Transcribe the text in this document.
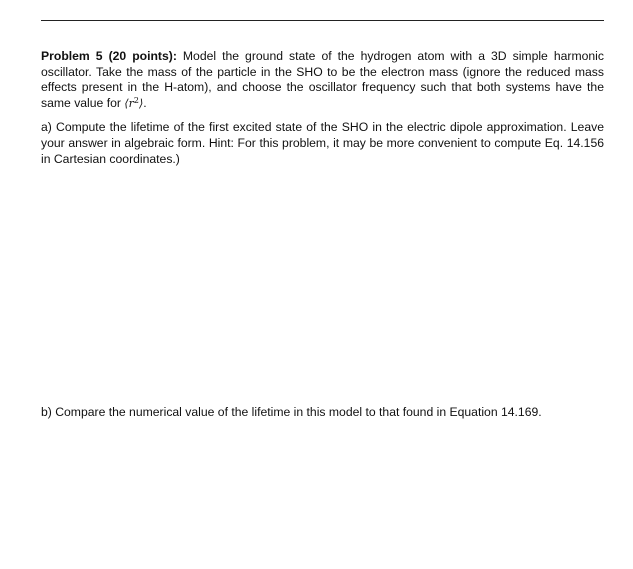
Problem 5 (20 points): Model the ground state of the hydrogen atom with a 3D simple harmonic oscillator. Take the mass of the particle in the SHO to be the electron mass (ignore the reduced mass effects present in the H-atom), and choose the oscillator frequency such that both systems have the same value for $⟨r^2⟩$.

a) Compute the lifetime of the first excited state of the SHO in the electric dipole approximation. Leave your answer in algebraic form. Hint: For this problem, it may be more convenient to compute Eq. 14.156 in Cartesian coordinates.)

b) Compare the numerical value of the lifetime in this model to that found in Equation 14.169.
